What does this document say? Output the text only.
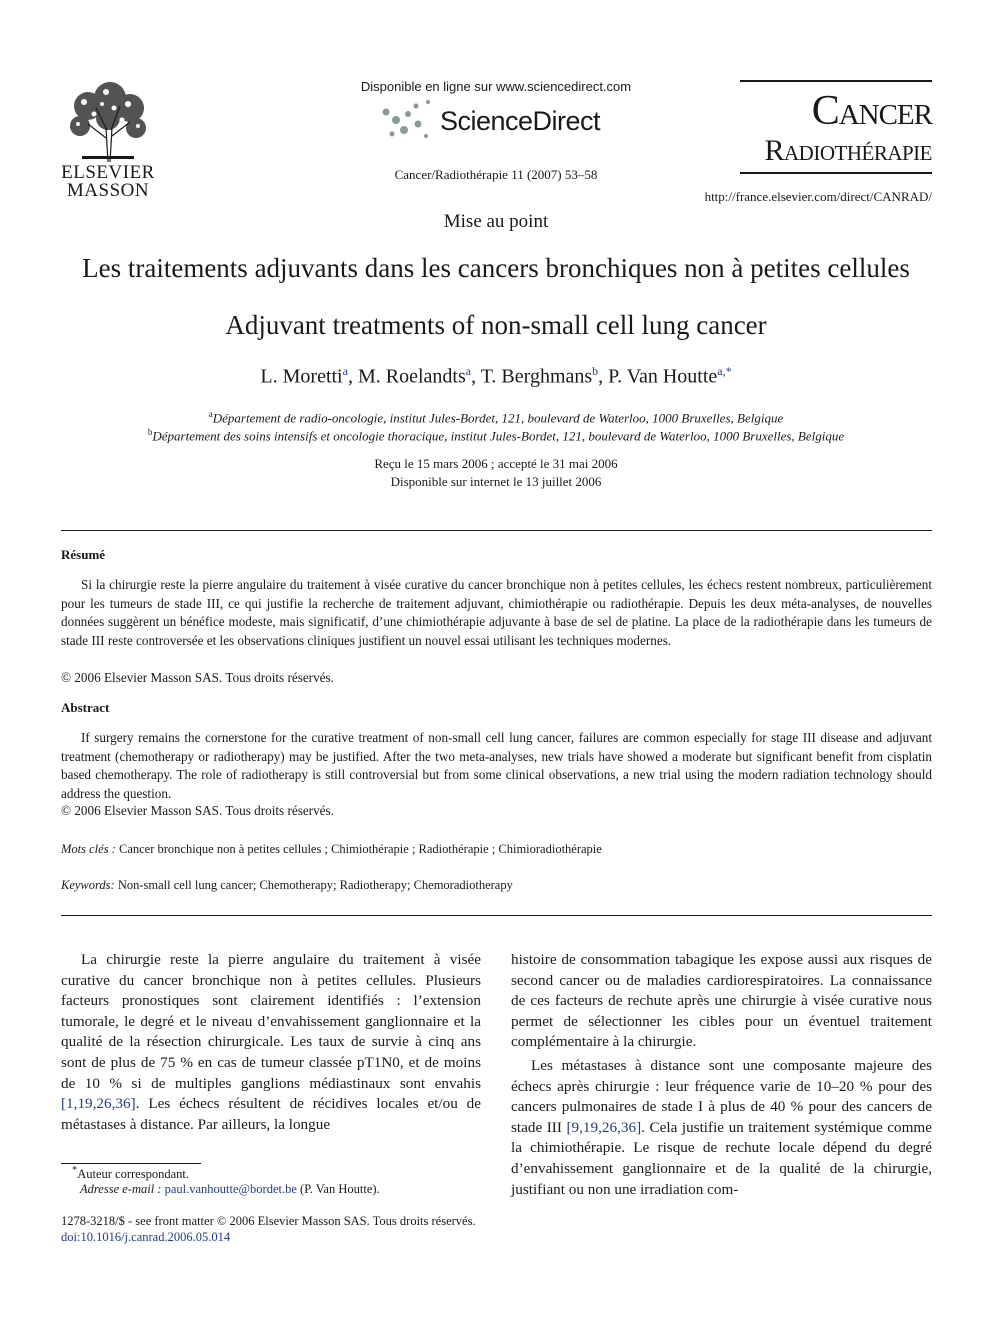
ELSEVIER
MASSON
Disponible en ligne sur www.sciencedirect.com
ScienceDirect
Cancer/Radiothérapie 11 (2007) 53–58
Cancer
Radiothérapie
http://france.elsevier.com/direct/CANRAD/
Mise au point
Les traitements adjuvants dans les cancers bronchiques non à petites cellules
Adjuvant treatments of non-small cell lung cancer
L. Moretti$^a$, M. Roelandts$^a$, T. Berghmans$^b$, P. Van Houtte$^{a,*}$
$^a$Département de radio-oncologie, institut Jules-Bordet, 121, boulevard de Waterloo, 1000 Bruxelles, Belgique
$^b$Département des soins intensifs et oncologie thoracique, institut Jules-Bordet, 121, boulevard de Waterloo, 1000 Bruxelles, Belgique
Reçu le 15 mars 2006 ; accepté le 31 mai 2006
Disponible sur internet le 13 juillet 2006
Résumé
Si la chirurgie reste la pierre angulaire du traitement à visée curative du cancer bronchique non à petites cellules, les échecs restent nombreux, particulièrement pour les tumeurs de stade III, ce qui justifie la recherche de traitement adjuvant, chimiothérapie ou radiothérapie. Depuis les deux méta-analyses, de nouvelles données suggèrent un bénéfice modeste, mais significatif, d’une chimiothérapie adjuvante à base de sel de platine. La place de la radiothérapie dans les tumeurs de stade III reste controversée et les observations cliniques justifient un nouvel essai utilisant les techniques modernes.
© 2006 Elsevier Masson SAS. Tous droits réservés.
Abstract
If surgery remains the cornerstone for the curative treatment of non-small cell lung cancer, failures are common especially for stage III disease and adjuvant treatment (chemotherapy or radiotherapy) may be justified. After the two meta-analyses, new trials have showed a moderate but significant benefit from cisplatin based chemotherapy. The role of radiotherapy is still controversial but from some clinical observations, a new trial using the modern radiation technology should address the question.
© 2006 Elsevier Masson SAS. Tous droits réservés.
Mots clés : Cancer bronchique non à petites cellules ; Chimiothérapie ; Radiothérapie ; Chimioradiothérapie
Keywords: Non-small cell lung cancer; Chemotherapy; Radiotherapy; Chemoradiotherapy
La chirurgie reste la pierre angulaire du traitement à visée curative du cancer bronchique non à petites cellules. Plusieurs facteurs pronostiques sont clairement identifiés : l’extension tumorale, le degré et le niveau d’envahissement ganglionnaire et la qualité de la résection chirurgicale. Les taux de survie à cinq ans sont de plus de 75 % en cas de tumeur classée pT1N0, et de moins de 10 % si de multiples ganglions médiastinaux sont envahis [1,19,26,36]. Les échecs résultent de récidives locales et/ou de métastases à distance. Par ailleurs, la longue
histoire de consommation tabagique les expose aussi aux risques de second cancer ou de maladies cardiorespiratoires. La connaissance de ces facteurs de rechute après une chirurgie à visée curative nous permet de sélectionner les cibles pour un éventuel traitement complémentaire à la chirurgie.
Les métastases à distance sont une composante majeure des échecs après chirurgie : leur fréquence varie de 10–20 % pour des cancers pulmonaires de stade I à plus de 40 % pour des cancers de stade III [9,19,26,36]. Cela justifie un traitement systémique comme la chimiothérapie. Le risque de rechute locale dépend du degré d’envahissement ganglionnaire et de la qualité de la chirurgie, justifiant ou non une irradiation com-
*Auteur correspondant.
Adresse e-mail : paul.vanhoutte@bordet.be (P. Van Houtte).
1278-3218/$ - see front matter © 2006 Elsevier Masson SAS. Tous droits réservés.
doi:10.1016/j.canrad.2006.05.014
